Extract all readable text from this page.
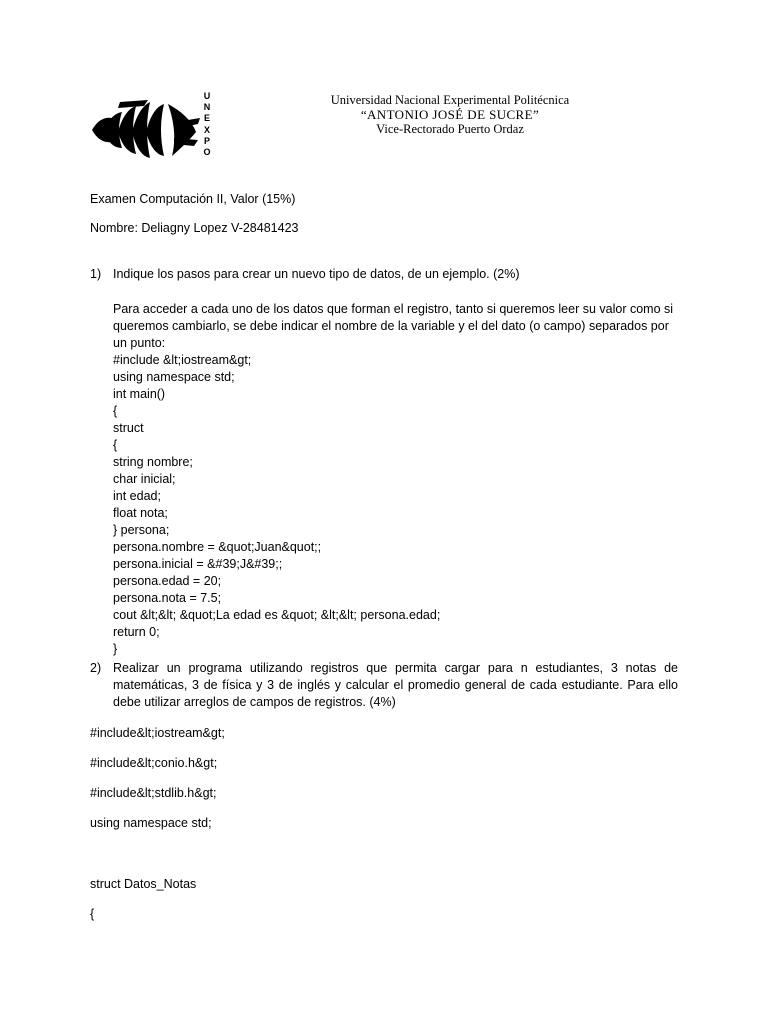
U
N
E
X
P
O
Universidad Nacional Experimental Politécnica
“ANTONIO JOSÉ DE SUCRE”
Vice-Rectorado Puerto Ordaz
Examen Computación II, Valor (15%)
Nombre: Deliagny Lopez V-28481423
1) Indique los pasos para crear un nuevo tipo de datos, de un ejemplo. (2%)
Para acceder a cada uno de los datos que forman el registro, tanto si queremos leer su valor como si queremos cambiarlo, se debe indicar el nombre de la variable y el del dato (o campo) separados por un punto:
#include &lt;iostream&gt;
using namespace std;
int main()
{
struct
{
string nombre;
char inicial;
int edad;
float nota;
} persona;
persona.nombre = &quot;Juan&quot;;
persona.inicial = &#39;J&#39;;
persona.edad = 20;
persona.nota = 7.5;
cout &lt;&lt; &quot;La edad es &quot; &lt;&lt; persona.edad;
return 0;
}
2) Realizar un programa utilizando registros que permita cargar para n estudiantes, 3 notas de matemáticas, 3 de física y 3 de inglés y calcular el promedio general de cada estudiante. Para ello debe utilizar arreglos de campos de registros. (4%)
#include&lt;iostream&gt;
#include&lt;conio.h&gt;
#include&lt;stdlib.h&gt;
using namespace std;
struct Datos_Notas
{
